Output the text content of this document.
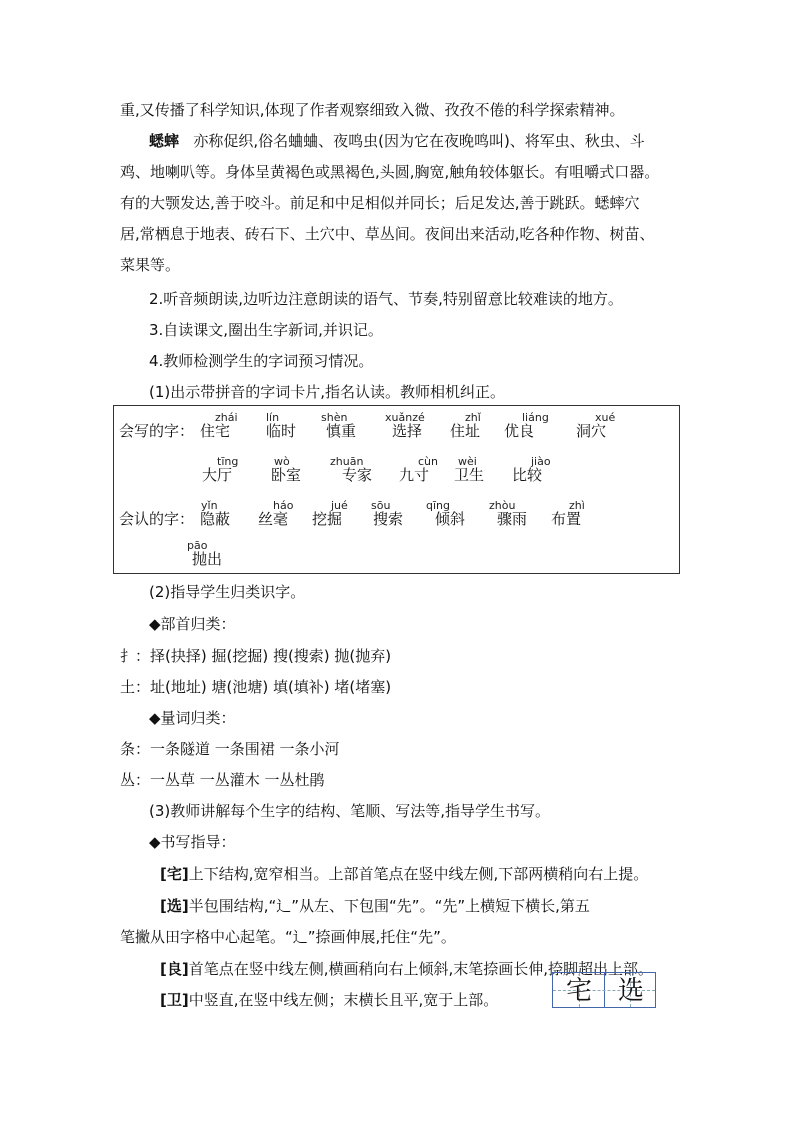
重,又传播了科学知识,体现了作者观察细致入微、孜孜不倦的科学探索精神。
蟋蟀 亦称促织,俗名蛐蛐、夜鸣虫(因为它在夜晚鸣叫)、将军虫、秋虫、斗
鸡、地喇叭等。身体呈黄褐色或黑褐色,头圆,胸宽,触角较体躯长。有咀嚼式口器。
有的大颚发达,善于咬斗。前足和中足相似并同长；后足发达,善于跳跃。蟋蟀穴
居,常栖息于地表、砖石下、土穴中、草丛间。夜间出来活动,吃各种作物、树苗、
菜果等。
2.听音频朗读,边听边注意朗读的语气、节奏,特别留意比较难读的地方。
3.自读课文,圈出生字新词,并识记。
4.教师检测学生的字词预习情况。
(1)出示带拼音的字词卡片,指名认读。教师相机纠正。
会写的字：
zhái
住宅
lín
临时
shèn
慎重
xuǎnzé
选择
zhǐ
住址
liáng
优良
xué
洞穴
tīng
大厅
wò
卧室
zhuān
专家
cùn
九寸
wèi
卫生
jiào
比较
会认的字：
yǐn
隐蔽
háo
丝毫
jué
挖掘
sōu
搜索
qīng
倾斜
zhòu
骤雨
zhì
布置
pāo
抛出
(2)指导学生归类识字。
◆部首归类：
扌：择(抉择) 掘(挖掘) 搜(搜索) 抛(抛弃)
土：址(地址) 塘(池塘) 填(填补) 堵(堵塞)
◆量词归类：
条：一条隧道 一条围裙 一条小河
丛：一丛草 一丛灌木 一丛杜鹃
(3)教师讲解每个生字的结构、笔顺、写法等,指导学生书写。
◆书写指导：
[宅]上下结构,宽窄相当。上部首笔点在竖中线左侧,下部两横稍向右上提。
[选]半包围结构,“辶”从左、下包围“先”。“先”上横短下横长,第五
笔撇从田字格中心起笔。“辶”捺画伸展,托住“先”。
[良]首笔点在竖中线左侧,横画稍向右上倾斜,末笔捺画长伸,捺脚超出上部。
[卫]中竖直,在竖中线左侧；末横长且平,宽于上部。	宅 选
